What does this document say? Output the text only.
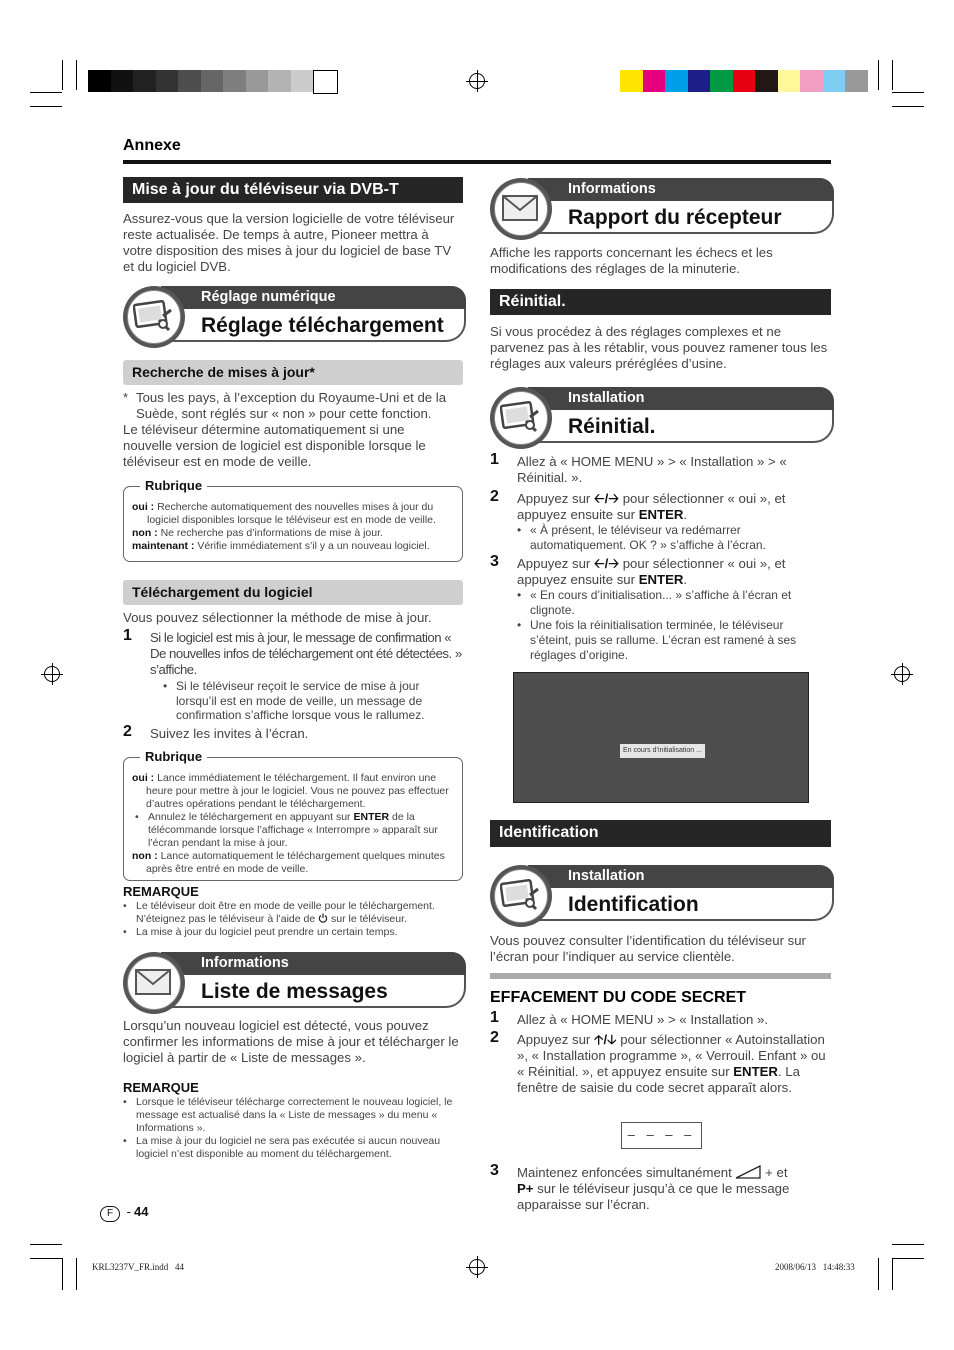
Annexe
Mise à jour du téléviseur via DVB-T
Assurez-vous que la version logicielle de votre téléviseur reste actualisée. De temps à autre, Pioneer mettra à votre disposition des mises à jour du logiciel de base TV et du logiciel DVB.
Réglage numérique
Réglage téléchargement
Recherche de mises à jour*
* Tous les pays, à l’exception du Royaume-Uni et de la Suède, sont réglés sur « non » pour cette fonction.
Le téléviseur détermine automatiquement si une nouvelle version de logiciel est disponible lorsque le téléviseur est en mode de veille.
Rubrique
oui : Recherche automatiquement des nouvelles mises à jour du logiciel disponibles lorsque le téléviseur est en mode de veille.
non : Ne recherche pas d’informations de mise à jour.
maintenant : Vérifie immédiatement s’il y a un nouveau logiciel.
Téléchargement du logiciel
Vous pouvez sélectionner la méthode de mise à jour.
1 Si le logiciel est mis à jour, le message de confirmation « De nouvelles infos de téléchargement ont été détectées. » s’affiche.
• Si le téléviseur reçoit le service de mise à jour lorsqu’il est en mode de veille, un message de confirmation s’affiche lorsque vous le rallumez.
2 Suivez les invites à l’écran.
Rubrique
oui : Lance immédiatement le téléchargement. Il faut environ une heure pour mettre à jour le logiciel. Vous ne pouvez pas effectuer d’autres opérations pendant le téléchargement.
• Annulez le téléchargement en appuyant sur ENTER de la télécommande lorsque l’affichage « Interrompre » apparaît sur l’écran pendant la mise à jour.
non : Lance automatiquement le téléchargement quelques minutes après être entré en mode de veille.
REMARQUE
• Le téléviseur doit être en mode de veille pour le téléchargement. N’éteignez pas le téléviseur à l’aide de sur le téléviseur.
• La mise à jour du logiciel peut prendre un certain temps.
Informations
Liste de messages
Lorsqu’un nouveau logiciel est détecté, vous pouvez confirmer les informations de mise à jour et télécharger le logiciel à partir de « Liste de messages ».
REMARQUE
• Lorsque le téléviseur télécharge correctement le nouveau logiciel, le message est actualisé dans la « Liste de messages » du menu « Informations ».
• La mise à jour du logiciel ne sera pas exécutée si aucun nouveau logiciel n’est disponible au moment du téléchargement.
Informations
Rapport du récepteur
Affiche les rapports concernant les échecs et les modifications des réglages de la minuterie.
Réinitial.
Si vous procédez à des réglages complexes et ne parvenez pas à les rétablir, vous pouvez ramener tous les réglages aux valeurs préréglées d’usine.
Installation
Réinitial.
1 Allez à « HOME MENU » > « Installation » > « Réinitial. ».
2 Appuyez sur 🡠/🡢 pour sélectionner « oui », et appuyez ensuite sur ENTER.
• « À présent, le téléviseur va redémarrer automatiquement. OK ? » s’affiche à l’écran.
3 Appuyez sur 🡠/🡢 pour sélectionner « oui », et appuyez ensuite sur ENTER.
• « En cours d’initialisation... » s’affiche à l’écran et clignote.
• Une fois la réinitialisation terminée, le téléviseur s’éteint, puis se rallume. L’écran est ramené à ses réglages d’origine.
En cours d’initialisation ...
Identification
Installation
Identification
Vous pouvez consulter l’identification du téléviseur sur l’écran pour l’indiquer au service clientèle.
EFFACEMENT DU CODE SECRET
1 Allez à « HOME MENU » > « Installation ».
2 Appuyez sur 🡡/🡣 pour sélectionner « Autoinstallation », « Installation programme », « Verrouil. Enfant » ou « Réinitial. », et appuyez ensuite sur ENTER. La fenêtre de saisie du code secret apparaît alors.
– – – –
3 Maintenez enfoncées simultanément	+ et
P+ sur le téléviseur jusqu’à ce que le message apparaisse sur l’écran.
F - 44
KRL3237V_FR.indd   44	2008/06/13   14:48:33
